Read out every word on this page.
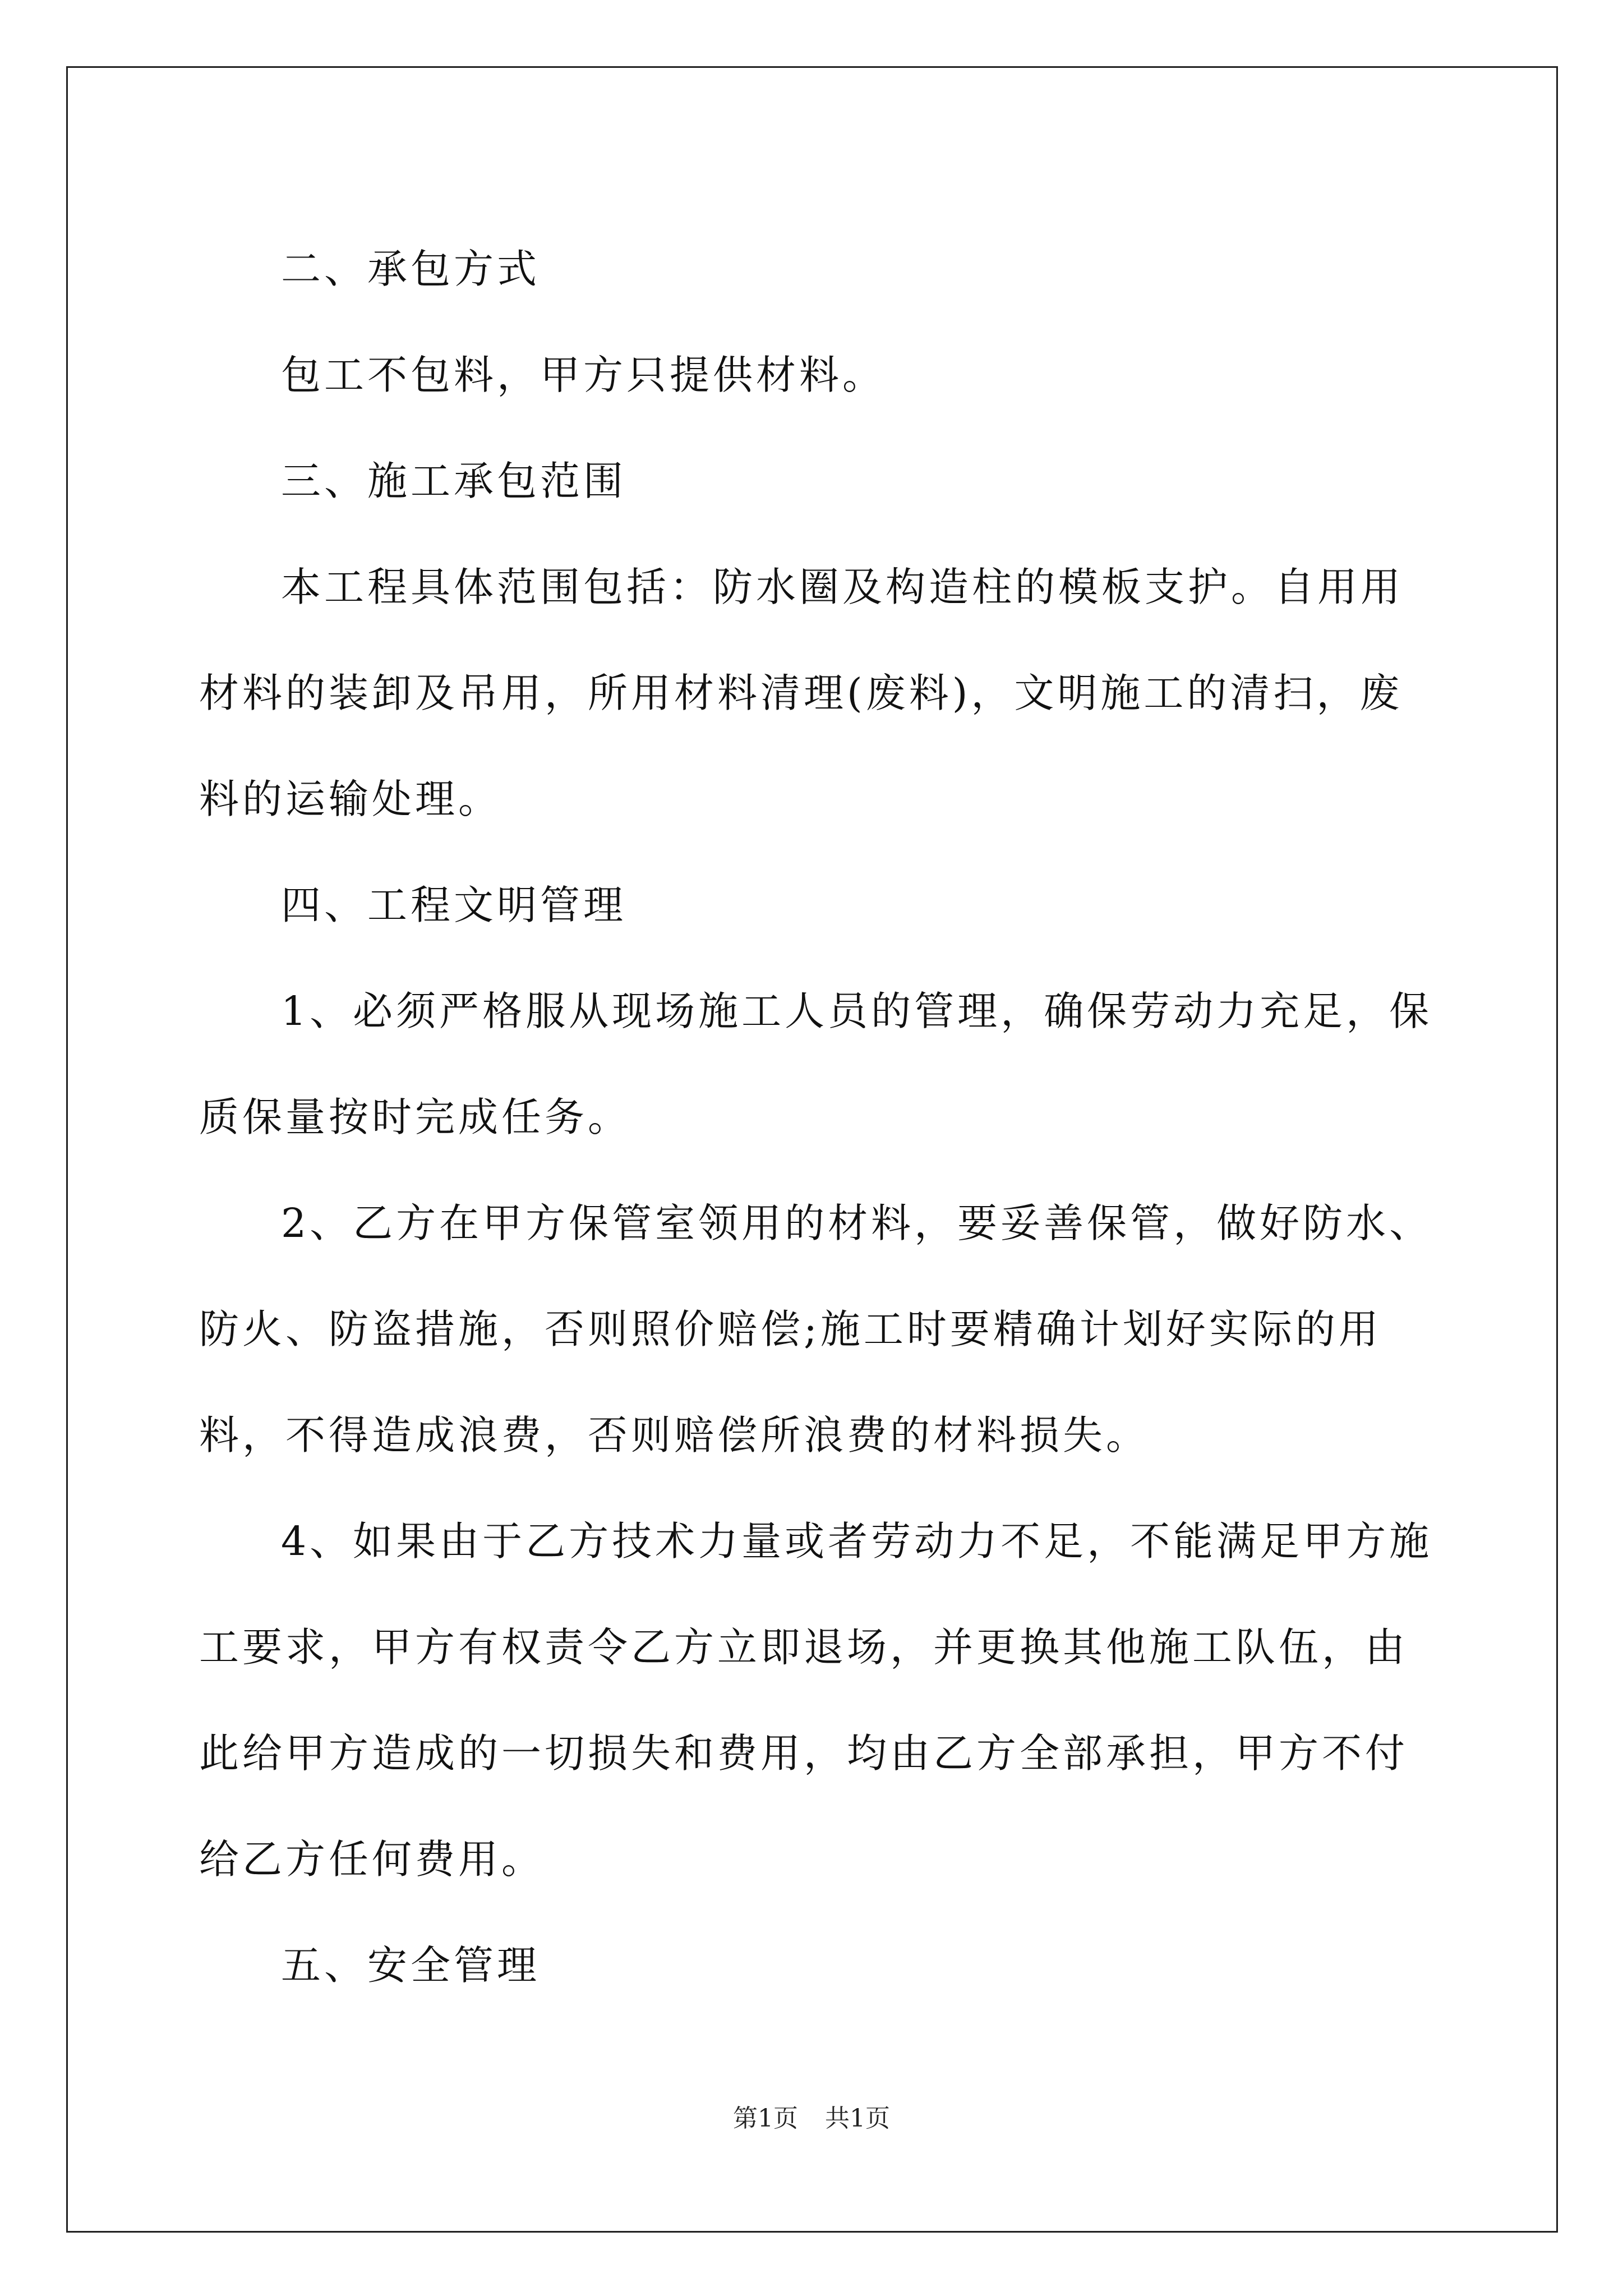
二、承包方式

包工不包料，甲方只提供材料。

三、施工承包范围

本工程具体范围包括：防水圈及构造柱的模板支护。自用用材料的装卸及吊用，所用材料清理(废料)，文明施工的清扫，废料的运输处理。

四、工程文明管理

1、必须严格服从现场施工人员的管理，确保劳动力充足，保质保量按时完成任务。

2、乙方在甲方保管室领用的材料，要妥善保管，做好防水、防火、防盗措施，否则照价赔偿;施工时要精确计划好实际的用料，不得造成浪费，否则赔偿所浪费的材料损失。

4、如果由于乙方技术力量或者劳动力不足，不能满足甲方施工要求，甲方有权责令乙方立即退场，并更换其他施工队伍，由此给甲方造成的一切损失和费用，均由乙方全部承担，甲方不付给乙方任何费用。

五、安全管理

第1页 共1页
